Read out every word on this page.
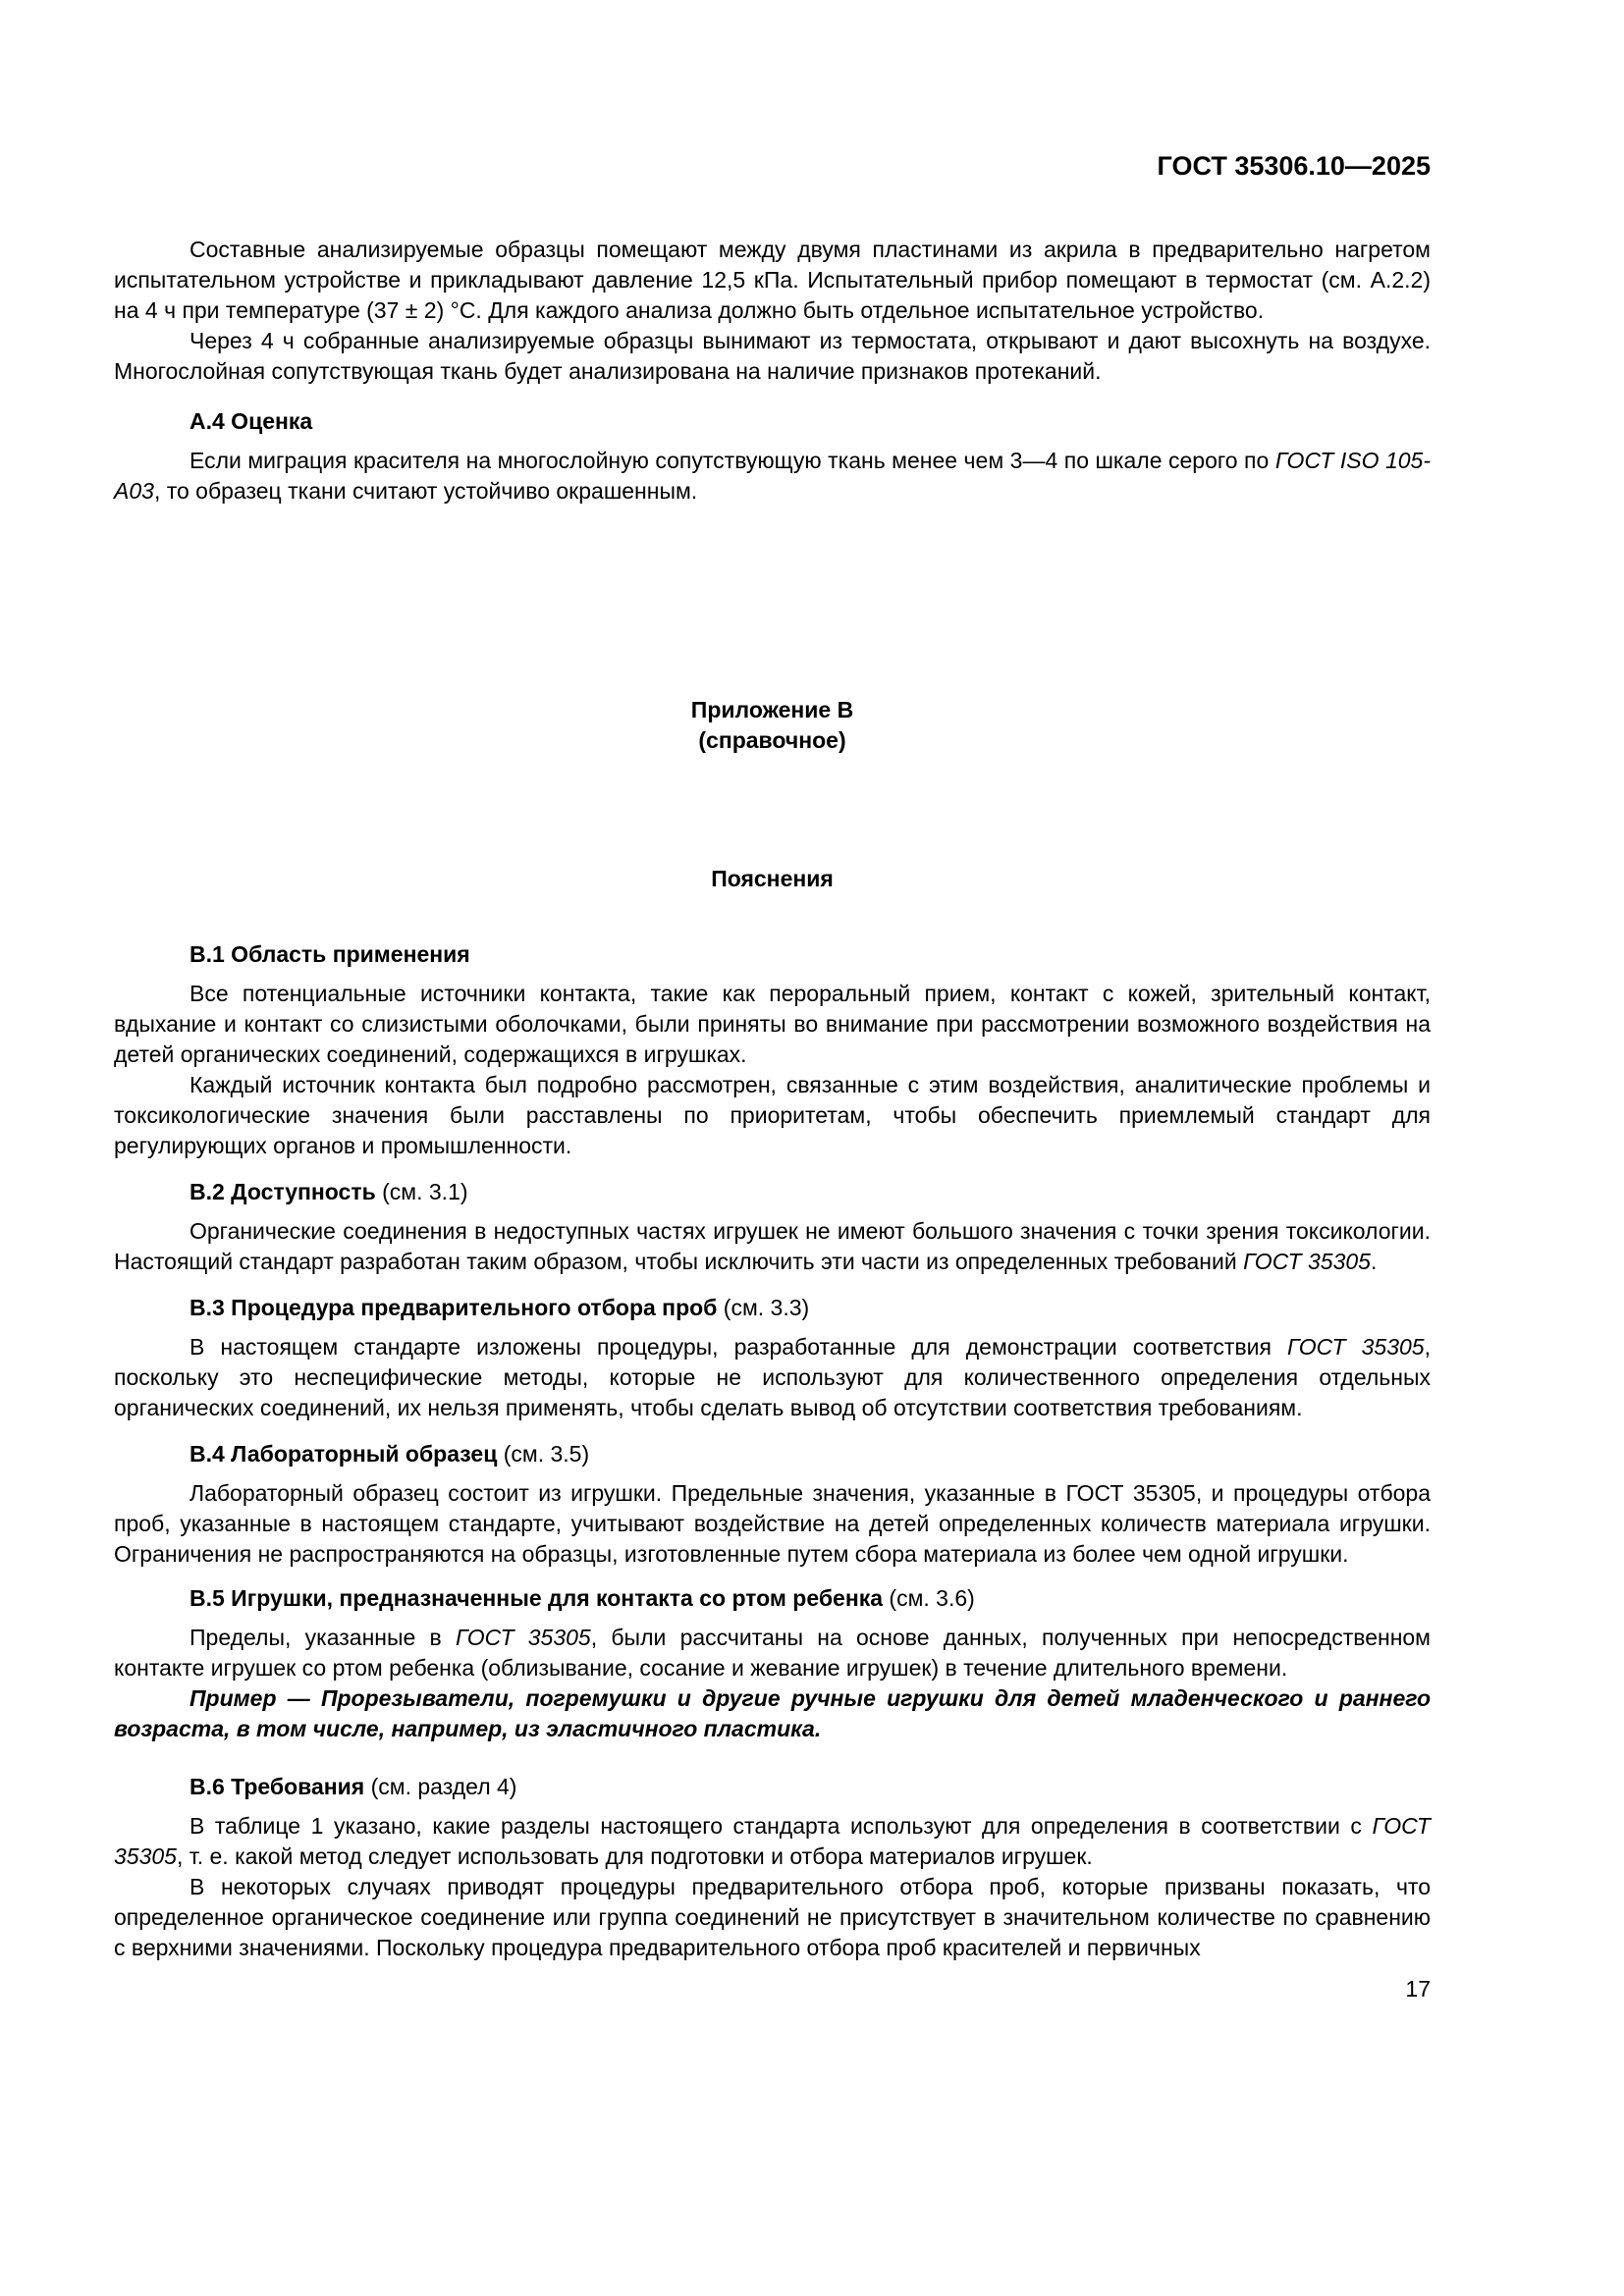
ГОСТ 35306.10—2025

Составные анализируемые образцы помещают между двумя пластинами из акрила в предварительно нагретом испытательном устройстве и прикладывают давление 12,5 кПа. Испытательный прибор помещают в термостат (см. А.2.2) на 4 ч при температуре (37 ± 2) °С. Для каждого анализа должно быть отдельное испытательное устройство.

Через 4 ч собранные анализируемые образцы вынимают из термостата, открывают и дают высохнуть на воздухе. Многослойная сопутствующая ткань будет анализирована на наличие признаков протеканий.

А.4 Оценка

Если миграция красителя на многослойную сопутствующую ткань менее чем 3—4 по шкале серого по ГОСТ ISO 105-А03, то образец ткани считают устойчиво окрашенным.

Приложение В
(справочное)
Пояснения
В.1 Область применения

Все потенциальные источники контакта, такие как пероральный прием, контакт с кожей, зрительный контакт, вдыхание и контакт со слизистыми оболочками, были приняты во внимание при рассмотрении возможного воздействия на детей органических соединений, содержащихся в игрушках.

Каждый источник контакта был подробно рассмотрен, связанные с этим воздействия, аналитические проблемы и токсикологические значения были расставлены по приоритетам, чтобы обеспечить приемлемый стандарт для регулирующих органов и промышленности.

В.2 Доступность (см. 3.1)

Органические соединения в недоступных частях игрушек не имеют большого значения с точки зрения токсикологии. Настоящий стандарт разработан таким образом, чтобы исключить эти части из определенных требований ГОСТ 35305.

В.3 Процедура предварительного отбора проб (см. 3.3)

В настоящем стандарте изложены процедуры, разработанные для демонстрации соответствия ГОСТ 35305, поскольку это неспецифические методы, которые не используют для количественного определения отдельных органических соединений, их нельзя применять, чтобы сделать вывод об отсутствии соответствия требованиям.

В.4 Лабораторный образец (см. 3.5)

Лабораторный образец состоит из игрушки. Предельные значения, указанные в ГОСТ 35305, и процедуры отбора проб, указанные в настоящем стандарте, учитывают воздействие на детей определенных количеств материала игрушки. Ограничения не распространяются на образцы, изготовленные путем сбора материала из более чем одной игрушки.

В.5 Игрушки, предназначенные для контакта со ртом ребенка (см. 3.6)

Пределы, указанные в ГОСТ 35305, были рассчитаны на основе данных, полученных при непосредственном контакте игрушек со ртом ребенка (облизывание, сосание и жевание игрушек) в течение длительного времени.

Пример — Прорезыватели, погремушки и другие ручные игрушки для детей младенческого и раннего возраста, в том числе, например, из эластичного пластика.

В.6 Требования (см. раздел 4)

В таблице 1 указано, какие разделы настоящего стандарта используют для определения в соответствии с ГОСТ 35305, т. е. какой метод следует использовать для подготовки и отбора материалов игрушек.

В некоторых случаях приводят процедуры предварительного отбора проб, которые призваны показать, что определенное органическое соединение или группа соединений не присутствует в значительном количестве по сравнению с верхними значениями. Поскольку процедура предварительного отбора проб красителей и первичных

17
